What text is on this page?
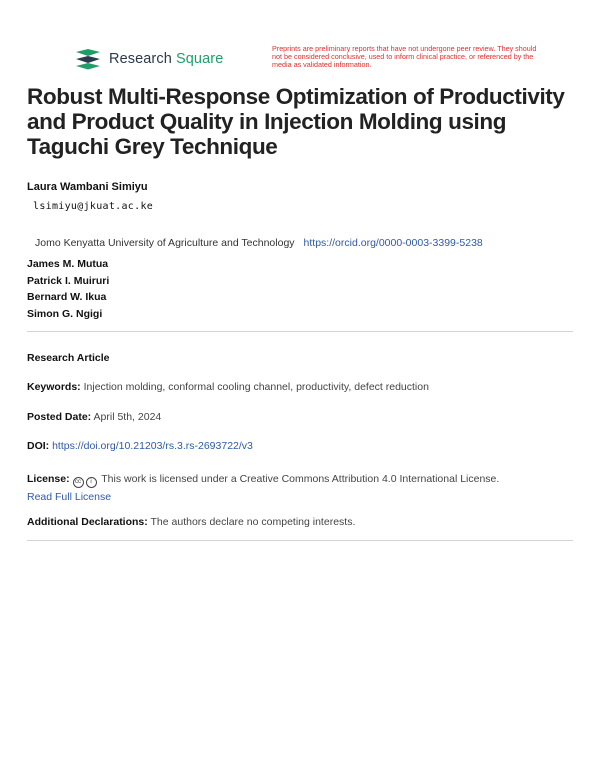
Research Square
Preprints are preliminary reports that have not undergone peer review. They should not be considered conclusive, used to inform clinical practice, or referenced by the media as validated information.
Robust Multi-Response Optimization of Productivity and Product Quality in Injection Molding using Taguchi Grey Technique
Laura Wambani Simiyu
lsimiyu@jkuat.ac.ke
Jomo Kenyatta University of Agriculture and Technology https://orcid.org/0000-0003-3399-5238
James M. Mutua
Patrick I. Muiruri
Bernard W. Ikua
Simon G. Ngigi
Research Article
Keywords: Injection molding, conformal cooling channel, productivity, defect reduction
Posted Date: April 5th, 2024
DOI: https://doi.org/10.21203/rs.3.rs-2693722/v3
License: cc i This work is licensed under a Creative Commons Attribution 4.0 International License.
Read Full License
Additional Declarations: The authors declare no competing interests.
